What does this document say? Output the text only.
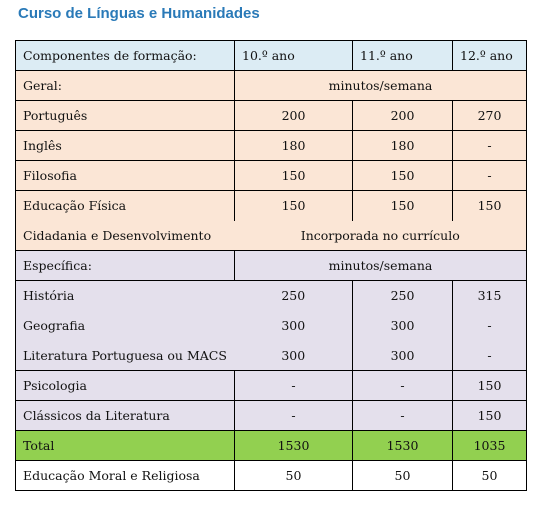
Curso de Línguas e Humanidades
Componentes de formação:	10.º ano	11.º ano	12.º ano
Geral:	minutos/semana		
Português	200	200	270
Inglês	180	180	-
Filosofia	150	150	-
Educação Física	150	150	150
Cidadania e Desenvolvimento	Incorporada no currículo		
Específica:	minutos/semana		
História	250	250	315
Geografia	300	300	-
Literatura Portuguesa ou MACS	300	300	-
Psicologia	-	-	150
Clássicos da Literatura	-	-	150
Total	1530	1530	1035
Educação Moral e Religiosa	50	50	50
